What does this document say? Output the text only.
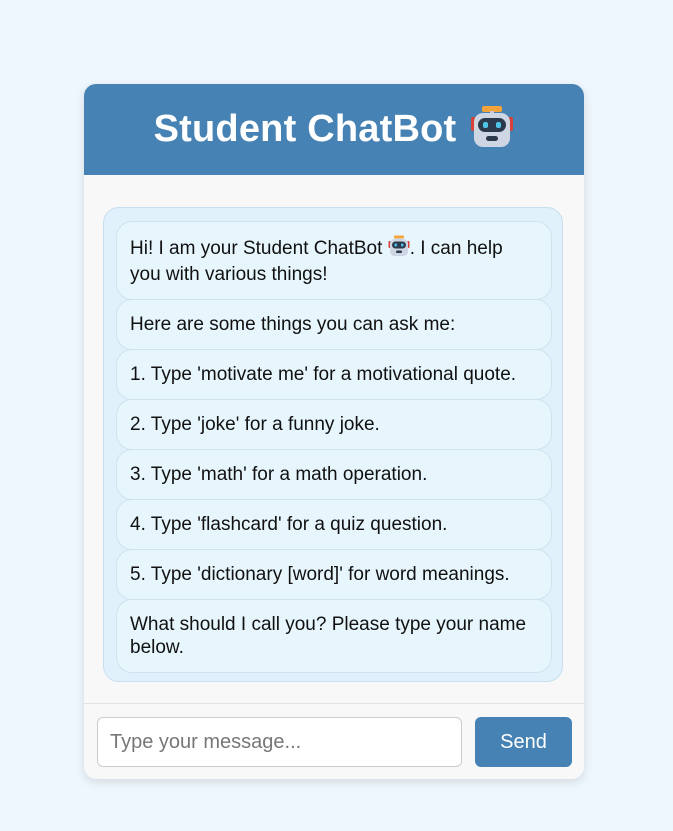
Student ChatBot
Hi! I am your Student ChatBot . I can help you with various things!
Here are some things you can ask me:
1. Type 'motivate me' for a motivational quote.
2. Type 'joke' for a funny joke.
3. Type 'math' for a math operation.
4. Type 'flashcard' for a quiz question.
5. Type 'dictionary [word]' for word meanings.
What should I call you? Please type your name below.
Type your message...
Send
